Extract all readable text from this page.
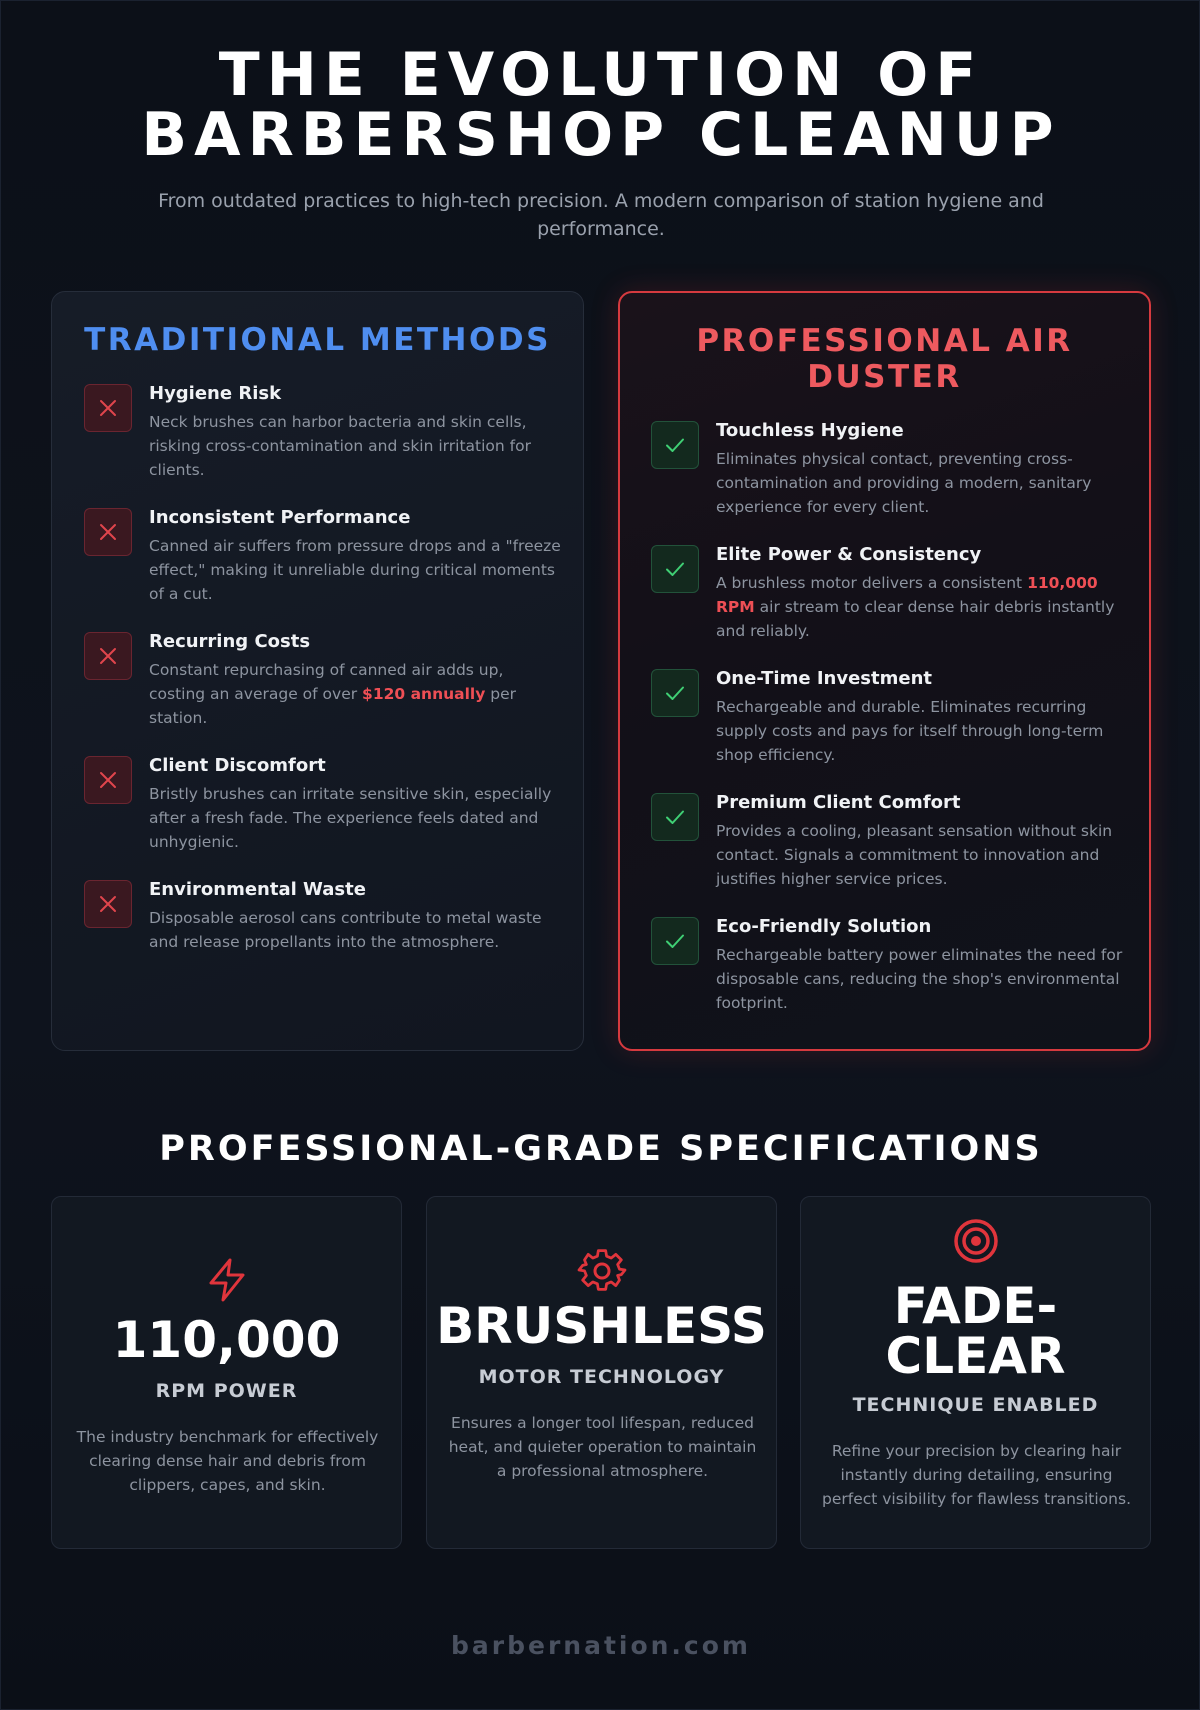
THE EVOLUTION OF
BARBERSHOP CLEANUP
From outdated practices to high-tech precision. A modern comparison of station hygiene and performance.
TRADITIONAL METHODS
Hygiene Risk
Neck brushes can harbor bacteria and skin cells, risking cross-contamination and skin irritation for clients.
Inconsistent Performance
Canned air suffers from pressure drops and a "freeze effect," making it unreliable during critical moments of a cut.
Recurring Costs
Constant repurchasing of canned air adds up, costing an average of over $120 annually per station.
Client Discomfort
Bristly brushes can irritate sensitive skin, especially after a fresh fade. The experience feels dated and unhygienic.
Environmental Waste
Disposable aerosol cans contribute to metal waste and release propellants into the atmosphere.
PROFESSIONAL AIR DUSTER
Touchless Hygiene
Eliminates physical contact, preventing cross-contamination and providing a modern, sanitary experience for every client.
Elite Power & Consistency
A brushless motor delivers a consistent 110,000 RPM air stream to clear dense hair debris instantly and reliably.
One-Time Investment
Rechargeable and durable. Eliminates recurring supply costs and pays for itself through long-term shop efficiency.
Premium Client Comfort
Provides a cooling, pleasant sensation without skin contact. Signals a commitment to innovation and justifies higher service prices.
Eco-Friendly Solution
Rechargeable battery power eliminates the need for disposable cans, reducing the shop's environmental footprint.
PROFESSIONAL-GRADE SPECIFICATIONS
110,000
RPM POWER
The industry benchmark for effectively clearing dense hair and debris from clippers, capes, and skin.
BRUSHLESS
MOTOR TECHNOLOGY
Ensures a longer tool lifespan, reduced heat, and quieter operation to maintain a professional atmosphere.
FADE-
CLEAR
TECHNIQUE ENABLED
Refine your precision by clearing hair instantly during detailing, ensuring perfect visibility for flawless transitions.
barbernation.com
